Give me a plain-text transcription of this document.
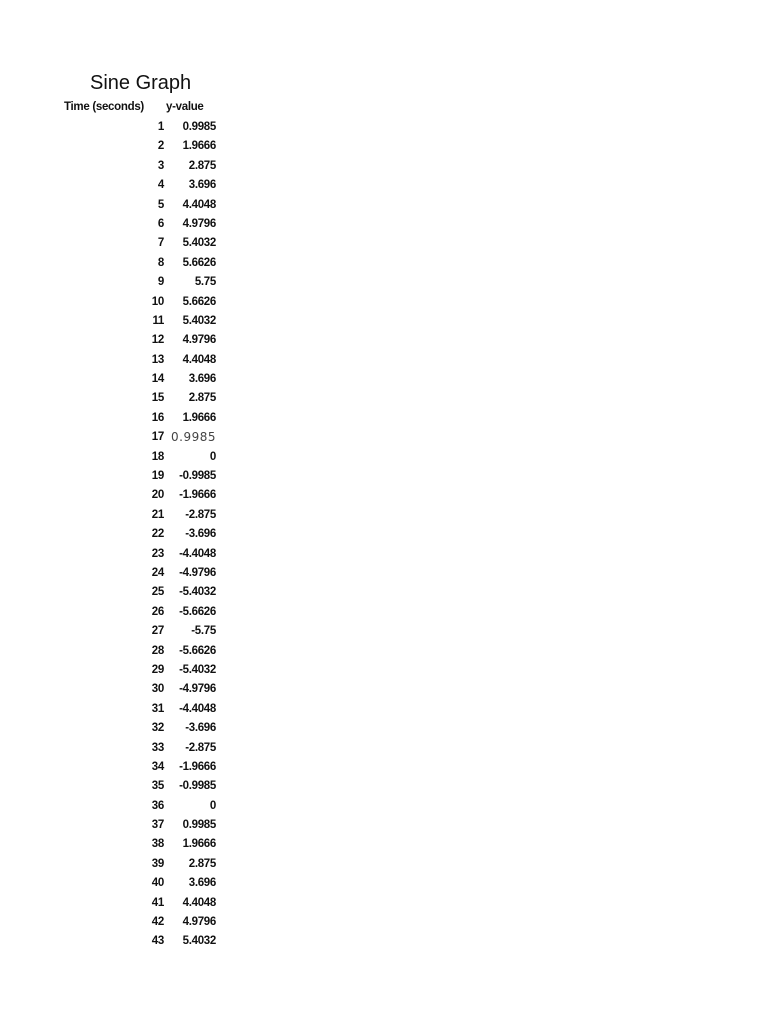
Sine Graph
Time (seconds) y-value
1	0.9985
2	1.9666
3	2.875
4	3.696
5	4.4048
6	4.9796
7	5.4032
8	5.6626
9	5.75
10	5.6626
11	5.4032
12	4.9796
13	4.4048
14	3.696
15	2.875
16	1.9666
17 0.9985
18	0
19	-0.9985
20	-1.9666
21	-2.875
22	-3.696
23	-4.4048
24	-4.9796
25	-5.4032
26	-5.6626
27	-5.75
28	-5.6626
29	-5.4032
30	-4.9796
31	-4.4048
32	-3.696
33	-2.875
34	-1.9666
35	-0.9985
36	0
37	0.9985
38	1.9666
39	2.875
40	3.696
41	4.4048
42	4.9796
43	5.4032
